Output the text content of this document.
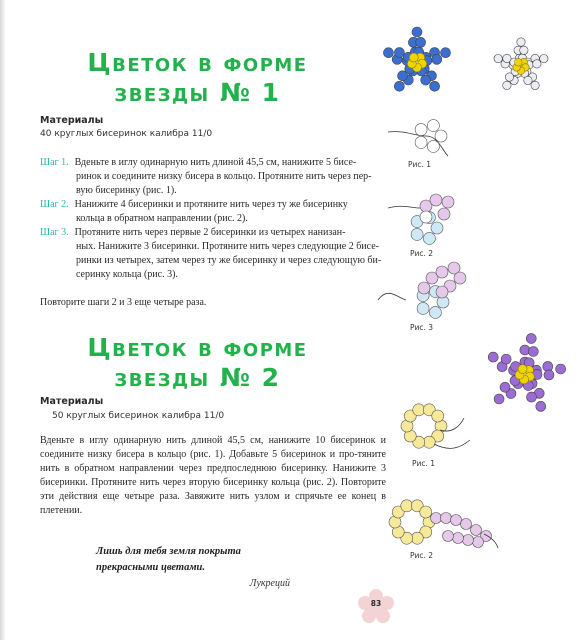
Цветок в форме
звезды № 1
Материалы
40 круглых бисеринок калибра 11/0
Шаг 1. Вденьте в иглу одинарную нить длиной 45,5 см, нанижите 5 бисе-
ринок и соедините низку бисера в кольцо. Протяните нить через пер-вую бисеринку (рис. 1).
Шаг 2. Нанижите 4 бисеринки и протяните нить через ту же бисеринку
кольца в обратном направлении (рис. 2).
Шаг 3. Протяните нить через первые 2 бисеринки из четырех нанизан-
ных. Нанижите 3 бисеринки. Протяните нить через следующие 2 бисе-ринки из четырех, затем через ту же бисеринку и через следующую би-серинку кольца (рис. 3).
Повторите шаги 2 и 3 еще четыре раза.
Цветок в форме
звезды № 2
Материалы
50 круглых бисеринок калибра 11/0
Вденьте в иглу одинарную нить длиной 45,5 см, нанижите 10 бисеринок и соедините низку бисера в кольцо (рис. 1). Добавьте 5 бисеринок и про-тяните нить в обратном направлении через предпоследнюю бисеринку. Нанижите 3 бисеринки. Протяните нить через вторую бисеринку кольца (рис. 2). Повторите эти действия еще четыре раза. Завяжите нить узлом и спрячьте ее конец в плетении.
Лишь для тебя земля покрыта
прекрасными цветами.
Лукреций
83
Рис. 1
Рис. 2
Рис. 3
Рис. 1
Рис. 2
